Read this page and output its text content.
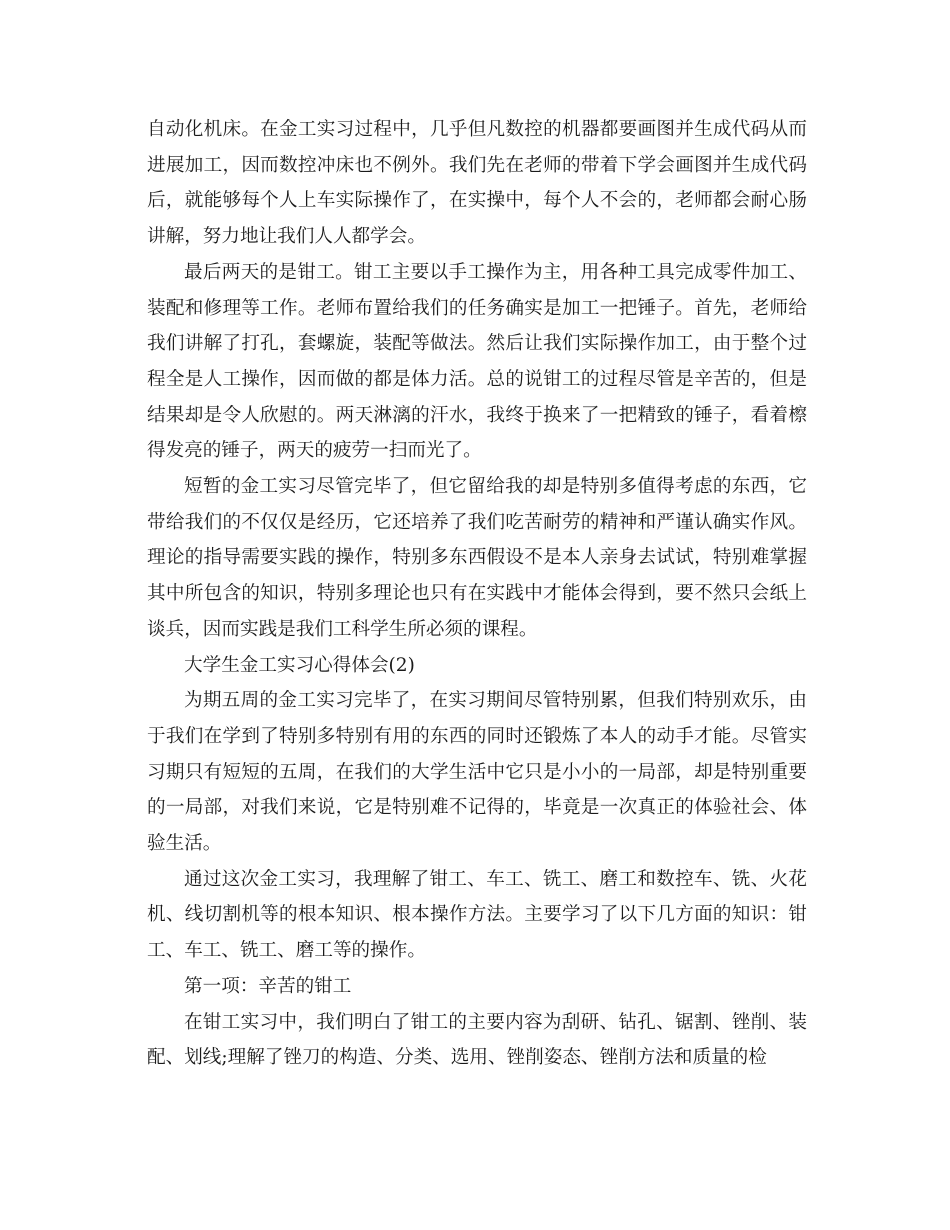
自动化机床。在金工实习过程中，几乎但凡数控的机器都要画图并生成代码从而进展加工，因而数控冲床也不例外。我们先在老师的带着下学会画图并生成代码后，就能够每个人上车实际操作了，在实操中，每个人不会的，老师都会耐心肠讲解，努力地让我们人人都学会。

最后两天的是钳工。钳工主要以手工操作为主，用各种工具完成零件加工、装配和修理等工作。老师布置给我们的任务确实是加工一把锤子。首先，老师给我们讲解了打孔，套螺旋，装配等做法。然后让我们实际操作加工，由于整个过程全是人工操作，因而做的都是体力活。总的说钳工的过程尽管是辛苦的，但是结果却是令人欣慰的。两天淋漓的汗水，我终于换来了一把精致的锤子，看着檫得发亮的锤子，两天的疲劳一扫而光了。

短暂的金工实习尽管完毕了，但它留给我的却是特别多值得考虑的东西，它带给我们的不仅仅是经历，它还培养了我们吃苦耐劳的精神和严谨认确实作风。理论的指导需要实践的操作，特别多东西假设不是本人亲身去试试，特别难掌握其中所包含的知识，特别多理论也只有在实践中才能体会得到，要不然只会纸上谈兵，因而实践是我们工科学生所必须的课程。

大学生金工实习心得体会(2)

为期五周的金工实习完毕了，在实习期间尽管特别累，但我们特别欢乐，由于我们在学到了特别多特别有用的东西的同时还锻炼了本人的动手才能。尽管实习期只有短短的五周，在我们的大学生活中它只是小小的一局部，却是特别重要的一局部，对我们来说，它是特别难不记得的，毕竟是一次真正的体验社会、体验生活。

通过这次金工实习，我理解了钳工、车工、铣工、磨工和数控车、铣、火花机、线切割机等的根本知识、根本操作方法。主要学习了以下几方面的知识：钳工、车工、铣工、磨工等的操作。

第一项：辛苦的钳工

在钳工实习中，我们明白了钳工的主要内容为刮研、钻孔、锯割、锉削、装配、划线;理解了锉刀的构造、分类、选用、锉削姿态、锉削方法和质量的检
